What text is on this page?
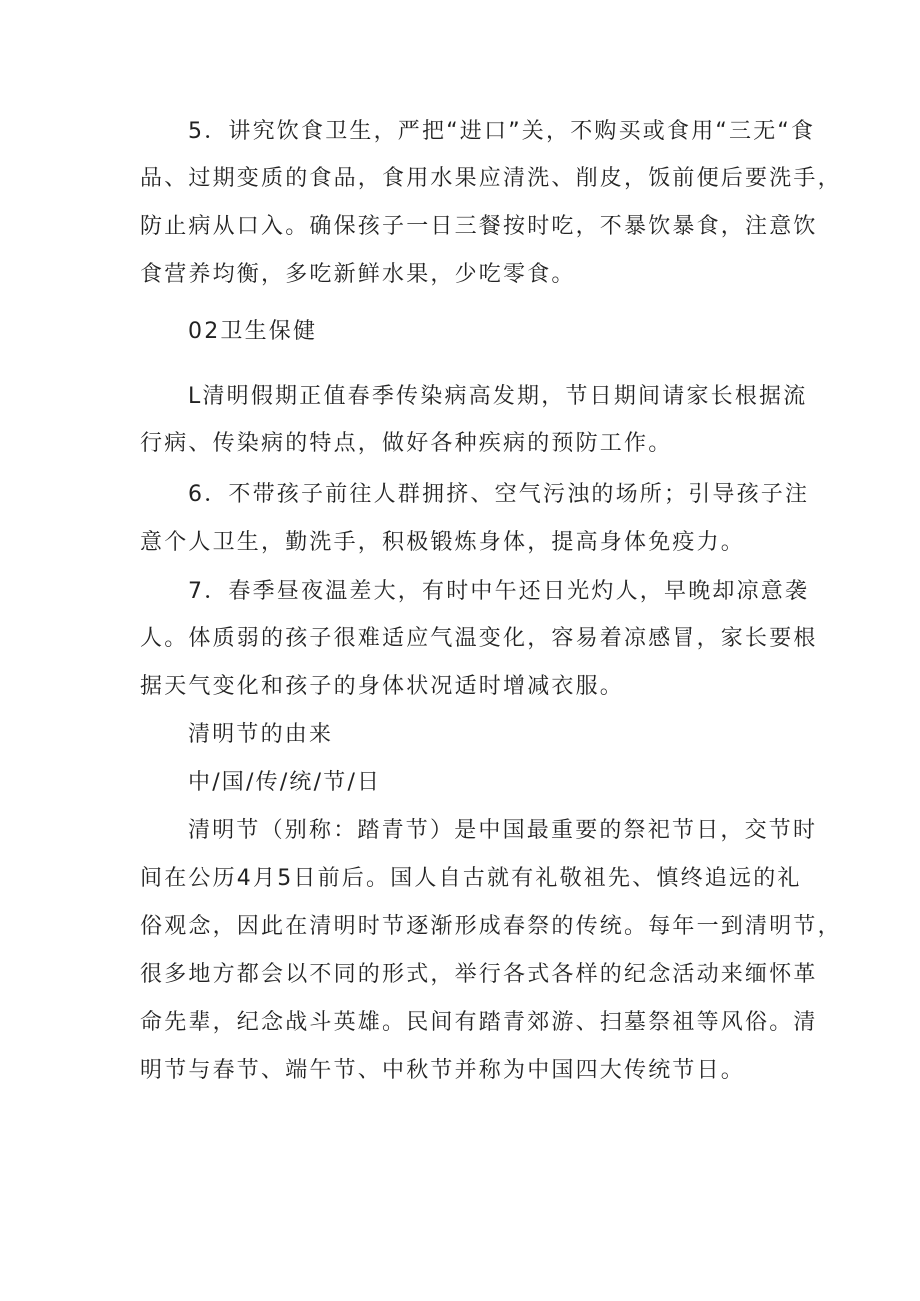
5．讲究饮食卫生，严把“进口”关，不购买或食用“三无“食
品、过期变质的食品，食用水果应清洗、削皮，饭前便后要洗手，
防止病从口入。确保孩子一日三餐按时吃，不暴饮暴食，注意饮
食营养均衡，多吃新鲜水果，少吃零食。
02卫生保健
L清明假期正值春季传染病高发期，节日期间请家长根据流
行病、传染病的特点，做好各种疾病的预防工作。
6．不带孩子前往人群拥挤、空气污浊的场所；引导孩子注
意个人卫生，勤洗手，积极锻炼身体，提高身体免疫力。
7．春季昼夜温差大，有时中午还日光灼人，早晚却凉意袭
人。体质弱的孩子很难适应气温变化，容易着凉感冒，家长要根
据天气变化和孩子的身体状况适时增减衣服。
清明节的由来
中/国/传/统/节/日
清明节（别称：踏青节）是中国最重要的祭祀节日，交节时
间在公历4月5日前后。国人自古就有礼敬祖先、慎终追远的礼
俗观念，因此在清明时节逐渐形成春祭的传统。每年一到清明节，
很多地方都会以不同的形式，举行各式各样的纪念活动来缅怀革
命先辈，纪念战斗英雄。民间有踏青郊游、扫墓祭祖等风俗。清
明节与春节、端午节、中秋节并称为中国四大传统节日。
